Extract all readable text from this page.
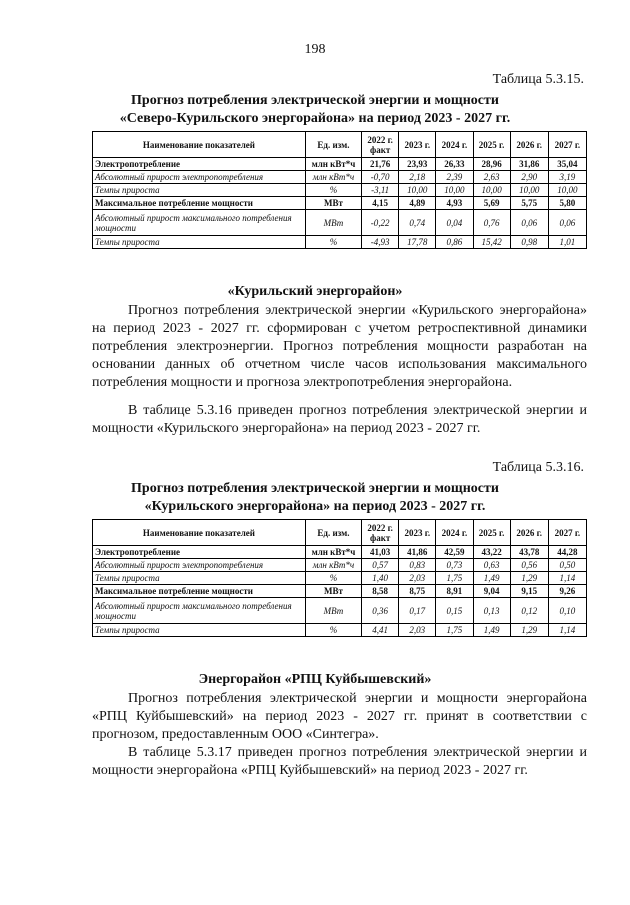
198
Таблица 5.3.15.
Прогноз потребления электрической энергии и мощности
«Северо-Курильского энергорайона» на период 2023 - 2027 гг.
Наименование показателей	Ед. изм.	2022 г. факт	2023 г.	2024 г.	2025 г.	2026 г.	2027 г.
Электропотребление	млн кВт*ч	21,76	23,93	26,33	28,96	31,86	35,04
Абсолютный прирост электропотребления	млн кВт*ч	-0,70	2,18	2,39	2,63	2,90	3,19
Темпы прироста	%	-3,11	10,00	10,00	10,00	10,00	10,00
Максимальное потребление мощности	МВт	4,15	4,89	4,93	5,69	5,75	5,80
Абсолютный прирост максимального потребления мощности	МВт	-0,22	0,74	0,04	0,76	0,06	0,06
Темпы прироста	%	-4,93	17,78	0,86	15,42	0,98	1,01
«Курильский энергорайон»

Прогноз потребления электрической энергии «Курильского энергорайона» на период 2023 - 2027 гг. сформирован с учетом ретроспективной динамики потребления электроэнергии. Прогноз потребления мощности разработан на основании данных об отчетном числе часов использования максимального потребления мощности и прогноза электропотребления энергорайона.

В таблице 5.3.16 приведен прогноз потребления электрической энергии и мощности «Курильского энергорайона» на период 2023 - 2027 гг.

Таблица 5.3.16.
Прогноз потребления электрической энергии и мощности
«Курильского энергорайона» на период 2023 - 2027 гг.
Наименование показателей	Ед. изм.	2022 г. факт	2023 г.	2024 г.	2025 г.	2026 г.	2027 г.
Электропотребление	млн кВт*ч	41,03	41,86	42,59	43,22	43,78	44,28
Абсолютный прирост электропотребления	млн кВт*ч	0,57	0,83	0,73	0,63	0,56	0,50
Темпы прироста	%	1,40	2,03	1,75	1,49	1,29	1,14
Максимальное потребление мощности	МВт	8,58	8,75	8,91	9,04	9,15	9,26
Абсолютный прирост максимального потребления мощности	МВт	0,36	0,17	0,15	0,13	0,12	0,10
Темпы прироста	%	4,41	2,03	1,75	1,49	1,29	1,14
Энергорайон «РПЦ Куйбышевский»

Прогноз потребления электрической энергии и мощности энергорайона «РПЦ Куйбышевский» на период 2023 - 2027 гг. принят в соответствии с прогнозом, предоставленным ООО «Синтегра».

В таблице 5.3.17 приведен прогноз потребления электрической энергии и мощности энергорайона «РПЦ Куйбышевский» на период 2023 - 2027 гг.
